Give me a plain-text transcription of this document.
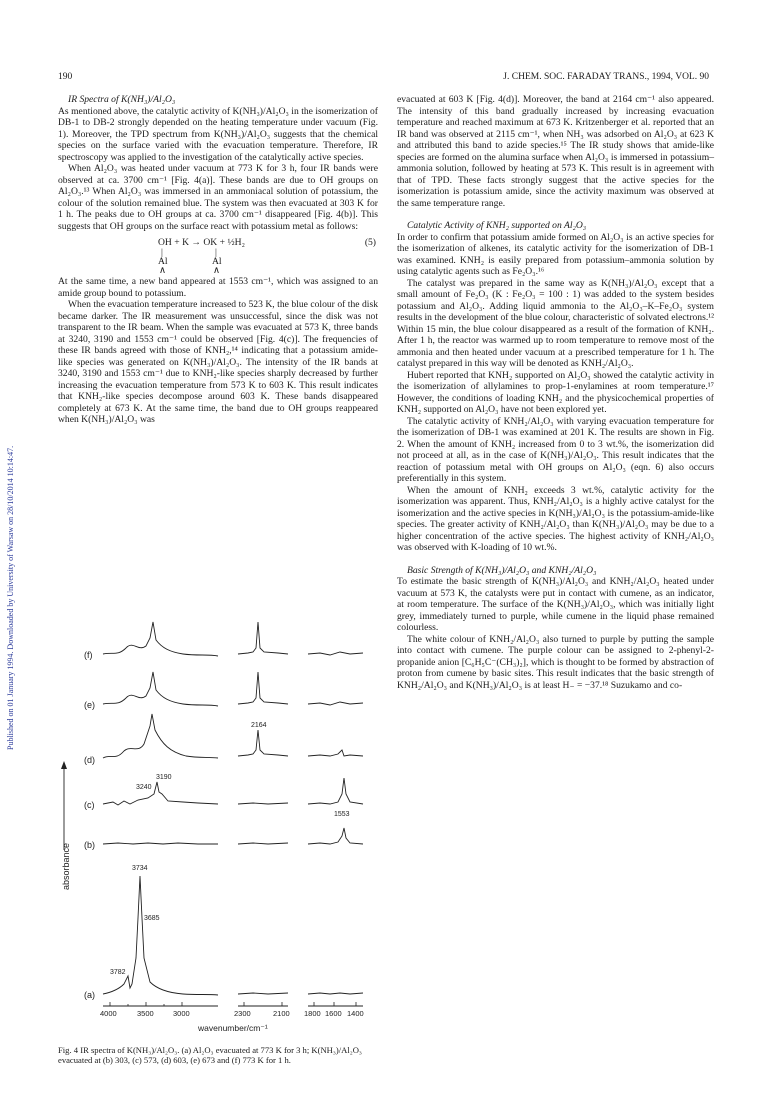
190	J. CHEM. SOC. FARADAY TRANS., 1994, VOL. 90
Published on 01 January 1994. Downloaded by University of Warsaw on 28/10/2014 10:14:47.

IR Spectra of K(NH₃)/Al₂O₃

As mentioned above, the catalytic activity of K(NH₃)/Al₂O₃ in the isomerization of DB-1 to DB-2 strongly depended on the heating temperature under vacuum (Fig. 1). Moreover, the TPD spectrum from K(NH₃)/Al₂O₃ suggests that the chemical species on the surface varied with the evacuation temperature. Therefore, IR spectroscopy was applied to the investigation of the catalytically active species.

When Al₂O₃ was heated under vacuum at 773 K for 3 h, four IR bands were observed at ca. 3700 cm⁻¹ [Fig. 4(a)]. These bands are due to OH groups on Al₂O₃.¹³ When Al₂O₃ was immersed in an ammoniacal solution of potassium, the colour of the solution remained blue. The system was then evacuated at 303 K for 1 h. The peaks due to OH groups at ca. 3700 cm⁻¹ disappeared [Fig. 4(b)]. This suggests that OH groups on the surface react with potassium metal as follows:

OH + K → OK + ½H₂	(5)
|	|
Al	Al
∧	∧

At the same time, a new band appeared at 1553 cm⁻¹, which was assigned to an amide group bound to potassium.

When the evacuation temperature increased to 523 K, the blue colour of the disk became darker. The IR measurement was unsuccessful, since the disk was not transparent to the IR beam. When the sample was evacuated at 573 K, three bands at 3240, 3190 and 1553 cm⁻¹ could be observed [Fig. 4(c)]. The frequencies of these IR bands agreed with those of KNH₂,¹⁴ indicating that a potassium amide-like species was generated on K(NH₃)/Al₂O₃. The intensity of the IR bands at 3240, 3190 and 1553 cm⁻¹ due to KNH₂-like species sharply decreased by further increasing the evacuation temperature from 573 K to 603 K. This result indicates that KNH₂-like species decompose around 603 K. These bands disappeared completely at 673 K. At the same time, the band due to OH groups reappeared when K(NH₃)/Al₂O₃ was

absorbance
(f)
(e)
(d)
(c)
(b)
(a)
2164
3190
3240
1553
3734
3685
3782
4000	3500	3000	2300	2100 1800 1600 1400
wavenumber/cm⁻¹
Fig. 4 IR spectra of K(NH₃)/Al₂O₃. (a) Al₂O₃ evacuated at 773 K for 3 h; K(NH₃)/Al₂O₃ evacuated at (b) 303, (c) 573, (d) 603, (e) 673 and (f) 773 K for 1 h.

evacuated at 603 K [Fig. 4(d)]. Moreover, the band at 2164 cm⁻¹ also appeared. The intensity of this band gradually increased by increasing evacuation temperature and reached maximum at 673 K. Kritzenberger et al. reported that an IR band was observed at 2115 cm⁻¹, when NH₃ was adsorbed on Al₂O₃ at 623 K and attributed this band to azide species.¹⁵ The IR study shows that amide-like species are formed on the alumina surface when Al₂O₃ is immersed in potassium–ammonia solution, followed by heating at 573 K. This result is in agreement with that of TPD. These facts strongly suggest that the active species for the isomerization is potassium amide, since the activity maximum was observed at the same temperature range.

Catalytic Activity of KNH₂ supported on Al₂O₃

In order to confirm that potassium amide formed on Al₂O₃ is an active species for the isomerization of alkenes, its catalytic activity for the isomerization of DB-1 was examined. KNH₂ is easily prepared from potassium–ammonia solution by using catalytic agents such as Fe₂O₃.¹⁶

The catalyst was prepared in the same way as K(NH₃)/Al₂O₃ except that a small amount of Fe₂O₃ (K : Fe₂O₃ = 100 : 1) was added to the system besides potassium and Al₂O₃. Adding liquid ammonia to the Al₂O₃–K–Fe₂O₃ system results in the development of the blue colour, characteristic of solvated electrons.¹² Within 15 min, the blue colour disappeared as a result of the formation of KNH₂. After 1 h, the reactor was warmed up to room temperature to remove most of the ammonia and then heated under vacuum at a prescribed temperature for 1 h. The catalyst prepared in this way will be denoted as KNH₂/Al₂O₃.

Hubert reported that KNH₂ supported on Al₂O₃ showed the catalytic activity in the isomerization of allylamines to prop-1-enylamines at room temperature.¹⁷ However, the conditions of loading KNH₂ and the physicochemical properties of KNH₂ supported on Al₂O₃ have not been explored yet.

The catalytic activity of KNH₂/Al₂O₃ with varying evacuation temperature for the isomerization of DB-1 was examined at 201 K. The results are shown in Fig. 2. When the amount of KNH₂ increased from 0 to 3 wt.%, the isomerization did not proceed at all, as in the case of K(NH₃)/Al₂O₃. This result indicates that the reaction of potassium metal with OH groups on Al₂O₃ (eqn. 6) also occurs preferentially in this system.

When the amount of KNH₂ exceeds 3 wt.%, catalytic activity for the isomerization was apparent. Thus, KNH₂/Al₂O₃ is a highly active catalyst for the isomerization and the active species in K(NH₃)/Al₂O₃ is the potassium-amide-like species. The greater activity of KNH₂/Al₂O₃ than K(NH₃)/Al₂O₃ may be due to a higher concentration of the active species. The highest activity of KNH₂/Al₂O₃ was observed with K-loading of 10 wt.%.

Basic Strength of K(NH₃)/Al₂O₃ and KNH₂/Al₂O₃

To estimate the basic strength of K(NH₃)/Al₂O₃ and KNH₂/Al₂O₃ heated under vacuum at 573 K, the catalysts were put in contact with cumene, as an indicator, at room temperature. The surface of the K(NH₃)/Al₂O₃, which was initially light grey, immediately turned to purple, while cumene in the liquid phase remained colourless.

The white colour of KNH₂/Al₂O₃ also turned to purple by putting the sample into contact with cumene. The purple colour can be assigned to 2-phenyl-2-propanide anion [C₆H₅C⁻(CH₃)₂], which is thought to be formed by abstraction of proton from cumene by basic sites. This result indicates that the basic strength of KNH₂/Al₂O₃ and K(NH₃)/Al₂O₃ is at least H₋ = −37.¹⁸ Suzukamo and co-
